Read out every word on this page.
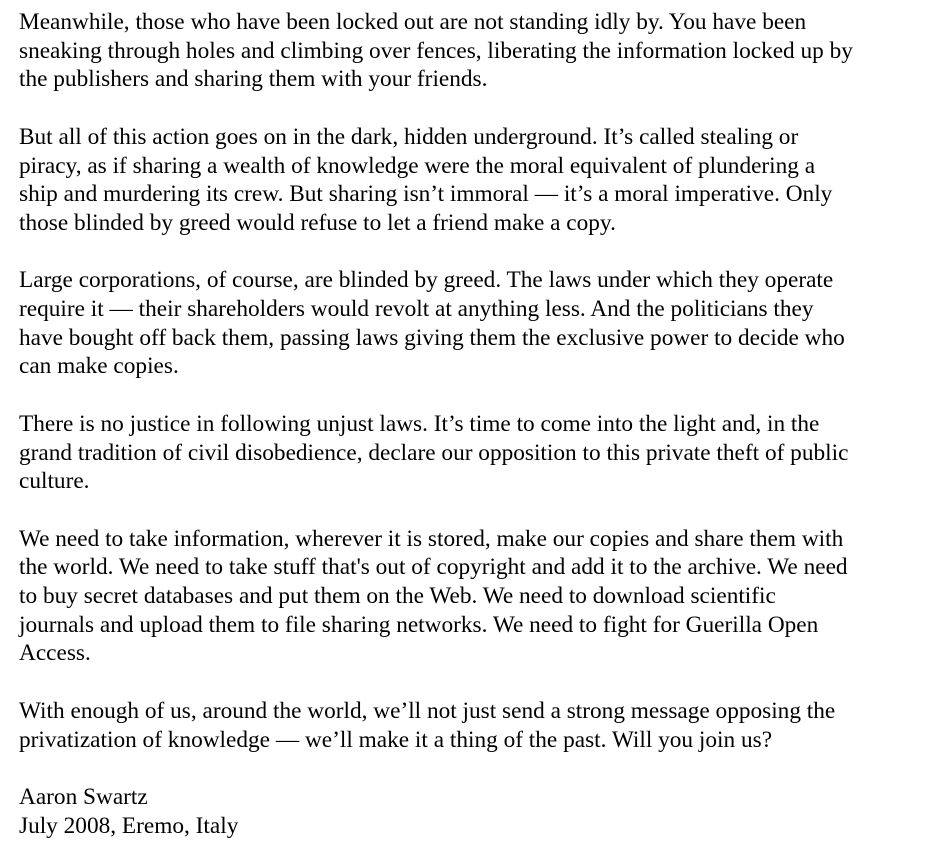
Meanwhile, those who have been locked out are not standing idly by. You have been
sneaking through holes and climbing over fences, liberating the information locked up by
the publishers and sharing them with your friends.

But all of this action goes on in the dark, hidden underground. It’s called stealing or
piracy, as if sharing a wealth of knowledge were the moral equivalent of plundering a
ship and murdering its crew. But sharing isn’t immoral — it’s a moral imperative. Only
those blinded by greed would refuse to let a friend make a copy.

Large corporations, of course, are blinded by greed. The laws under which they operate
require it — their shareholders would revolt at anything less. And the politicians they
have bought off back them, passing laws giving them the exclusive power to decide who
can make copies.

There is no justice in following unjust laws. It’s time to come into the light and, in the
grand tradition of civil disobedience, declare our opposition to this private theft of public
culture.

We need to take information, wherever it is stored, make our copies and share them with
the world. We need to take stuff that's out of copyright and add it to the archive. We need
to buy secret databases and put them on the Web. We need to download scientific
journals and upload them to file sharing networks. We need to fight for Guerilla Open
Access.

With enough of us, around the world, we’ll not just send a strong message opposing the
privatization of knowledge — we’ll make it a thing of the past. Will you join us?

Aaron Swartz
July 2008, Eremo, Italy
